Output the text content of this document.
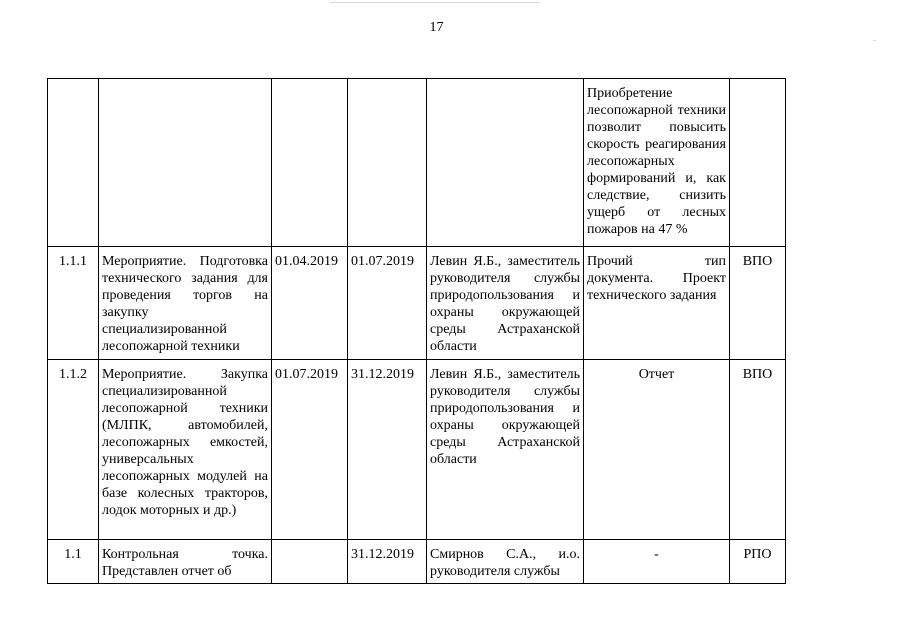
17
					Приобретение лесопожарной техники позволит повысить скорость реагирования лесопожарных формирований и, как следствие, снизить ущерб от лесных пожаров на 47 %	
1.1.1	Мероприятие. Подготовка технического задания для проведения торгов на закупку специализированной лесопожарной техники	01.04.2019	01.07.2019	Левин Я.Б., заместитель руководителя службы природопользования и охраны окружающей среды Астраханской области	Прочий тип документа. Проект технического задания	ВПО
1.1.2	Мероприятие. Закупка специализированной лесопожарной техники (МЛПК, автомобилей, лесопожарных емкостей, универсальных лесопожарных модулей на базе колесных тракторов, лодок моторных и др.)	01.07.2019	31.12.2019	Левин Я.Б., заместитель руководителя службы природопользования и охраны окружающей среды Астраханской области	Отчет	ВПО
1.1	Контрольная точка. Представлен отчет об		31.12.2019	Смирнов С.А., и.о. руководителя службы	-	РПО
